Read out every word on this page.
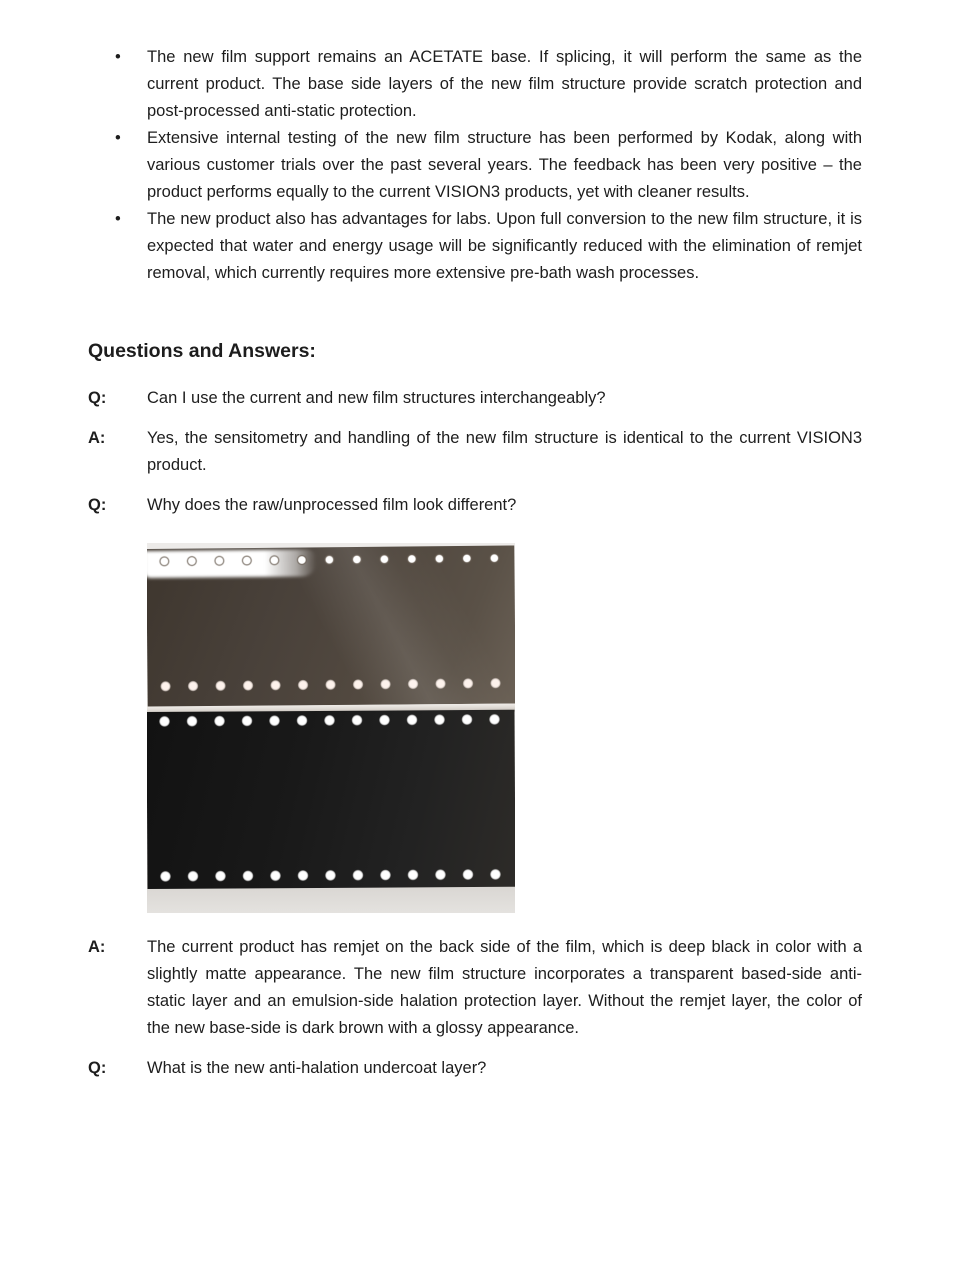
•	The new film support remains an ACETATE base. If splicing, it will perform the same as the current product. The base side layers of the new film structure provide scratch protection and post-processed anti-static protection.

•	Extensive internal testing of the new film structure has been performed by Kodak, along with various customer trials over the past several years. The feedback has been very positive – the product performs equally to the current VISION3 products, yet with cleaner results.

•	The new product also has advantages for labs. Upon full conversion to the new film structure, it is expected that water and energy usage will be significantly reduced with the elimination of remjet removal, which currently requires more extensive pre-bath wash processes.

Questions and Answers:
Q:	Can I use the current and new film structures interchangeably?

A:	Yes, the sensitometry and handling of the new film structure is identical to the current VISION3 product.

Q:	Why does the raw/unprocessed film look different?

A:	The current product has remjet on the back side of the film, which is deep black in color with a slightly matte appearance. The new film structure incorporates a transparent based-side anti-static layer and an emulsion-side halation protection layer. Without the remjet layer, the color of the new base-side is dark brown with a glossy appearance.

Q:	What is the new anti-halation undercoat layer?
